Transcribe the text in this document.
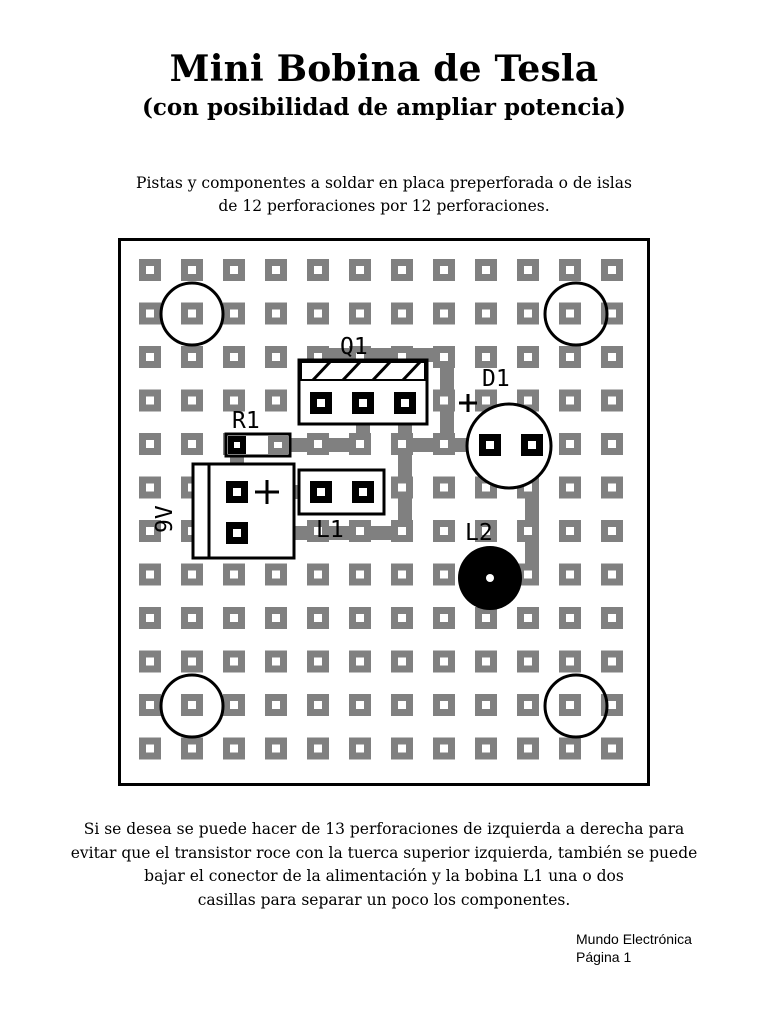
Mini Bobina de Tesla
(con posibilidad de ampliar potencia)
Pistas y componentes a soldar en placa preperforada o de islas
de 12 perforaciones por 12 perforaciones.
Q1
D1
R1
L1	L2
9V
Si se desea se puede hacer de 13 perforaciones de izquierda a derecha para
evitar que el transistor roce con la tuerca superior izquierda, también se puede
bajar el conector de la alimentación y la bobina L1 una o dos
casillas para separar un poco los componentes.
Mundo Electrónica
Página 1
